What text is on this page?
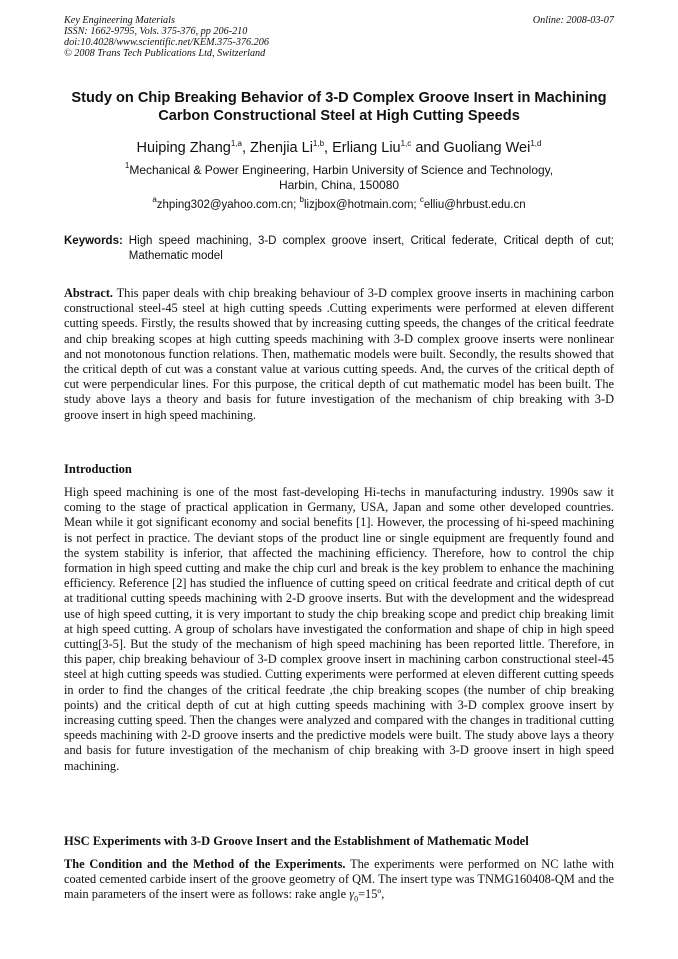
Key Engineering Materials
ISSN: 1662-9795, Vols. 375-376, pp 206-210
doi:10.4028/www.scientific.net/KEM.375-376.206
© 2008 Trans Tech Publications Ltd, Switzerland
Online: 2008-03-07
Study on Chip Breaking Behavior of 3-D Complex Groove Insert in Machining Carbon Constructional Steel at High Cutting Speeds
Huiping Zhang$^{1,a}$, Zhenjia Li$^{1,b}$, Erliang Liu$^{1,c}$ and Guoliang Wei$^{1,d}$
$^1$Mechanical & Power Engineering, Harbin University of Science and Technology,
Harbin, China, 150080
$^a$zhping302@yahoo.com.cn; $^b$lizjbox@hotmain.com; $^c$elliu@hrbust.edu.cn
Keywords: High speed machining, 3-D complex groove insert, Critical federate, Critical depth of cut; Mathematic model
Abstract. This paper deals with chip breaking behaviour of 3-D complex groove inserts in machining carbon constructional steel-45 steel at high cutting speeds .Cutting experiments were performed at eleven different cutting speeds. Firstly, the results showed that by increasing cutting speeds, the changes of the critical feedrate and chip breaking scopes at high cutting speeds machining with 3-D complex groove inserts were nonlinear and not monotonous function relations. Then, mathematic models were built. Secondly, the results showed that the critical depth of cut was a constant value at various cutting speeds. And, the curves of the critical depth of cut were perpendicular lines. For this purpose, the critical depth of cut mathematic model has been built. The study above lays a theory and basis for future investigation of the mechanism of chip breaking with 3-D groove insert in high speed machining.
Introduction
High speed machining is one of the most fast-developing Hi-techs in manufacturing industry. 1990s saw it coming to the stage of practical application in Germany, USA, Japan and some other developed countries. Mean while it got significant economy and social benefits [1]. However, the processing of hi-speed machining is not perfect in practice. The deviant stops of the product line or single equipment are frequently found and the system stability is inferior, that affected the machining efficiency. Therefore, how to control the chip formation in high speed cutting and make the chip curl and break is the key problem to enhance the machining efficiency. Reference [2] has studied the influence of cutting speed on critical feedrate and critical depth of cut at traditional cutting speeds machining with 2-D groove inserts. But with the development and the widespread use of high speed cutting, it is very important to study the chip breaking scope and predict chip breaking limit at high speed cutting. A group of scholars have investigated the conformation and shape of chip in high speed cutting[3-5]. But the study of the mechanism of high speed machining has been reported little. Therefore, in this paper, chip breaking behaviour of 3-D complex groove insert in machining carbon constructional steel-45 steel at high cutting speeds was studied. Cutting experiments were performed at eleven different cutting speeds in order to find the changes of the critical feedrate ,the chip breaking scopes (the number of chip breaking points) and the critical depth of cut at high cutting speeds machining with 3-D complex groove insert by increasing cutting speed. Then the changes were analyzed and compared with the changes in traditional cutting speeds machining with 2-D groove inserts and the predictive models were built. The study above lays a theory and basis for future investigation of the mechanism of chip breaking with 3-D groove insert in high speed machining.
HSC Experiments with 3-D Groove Insert and the Establishment of Mathematic Model
The Condition and the Method of the Experiments. The experiments were performed on NC lathe with coated cemented carbide insert of the groove geometry of QM. The insert type was TNMG160408-QM and the main parameters of the insert were as follows: rake angle $\gamma_0=15º$,
